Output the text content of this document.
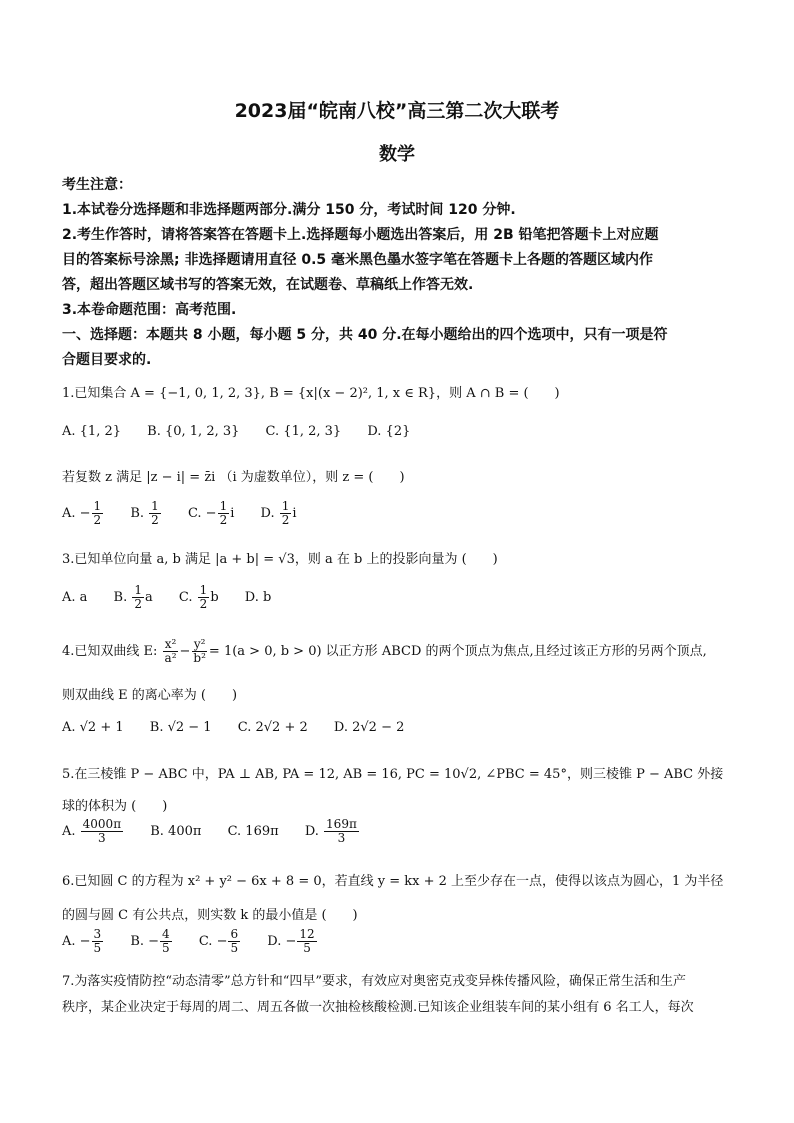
2023届“皖南八校”高三第二次大联考
数学
考生注意：
1.本试卷分选择题和非选择题两部分.满分 150 分，考试时间 120 分钟.
2.考生作答时，请将答案答在答题卡上.选择题每小题选出答案后，用 2B 铅笔把答题卡上对应题
目的答案标号涂黑; 非选择题请用直径 0.5 毫米黑色墨水签字笔在答题卡上各题的答题区域内作
答，超出答题区域书写的答案无效，在试题卷、草稿纸上作答无效.
3.本卷命题范围：高考范围.
一、选择题：本题共 8 小题，每小题 5 分，共 40 分.在每小题给出的四个选项中，只有一项是符
合题目要求的.
1.已知集合 A = {−1, 0, 1, 2, 3}, B = {x|(x − 2)², 1, x ∈ R}，则 A ∩ B = (　　)
A. {1, 2} B. {0, 1, 2, 3} C. {1, 2, 3} D. {2}
若复数 z 满足 |z − i| = z̄i （i 为虚数单位），则 z = (　　)
A. − $\frac{1}{2} B$. $\frac{1}{2} C$. − $\frac{1}{2}$ i D. $\frac{1}{2}$ i
3.已知单位向量 a, b 满足 |a + b| = √3，则 a 在 b 上的投影向量为 (　　)
A. a B. $\frac{1}{2}$ a C. $\frac{1}{2}$ b D. b
4.已知双曲线 E: $\frac{\text{x²}}{\text{a²}} - \frac{\text{y²}}{\text{b²}} = 1(a > 0$, b > 0) 以正方形 ABCD 的两个顶点为焦点,且经过该正方形的另两个顶点,
则双曲线 E 的离心率为 (　　)
A. √2 + 1 B. √2 − 1 C. 2√2 + 2 D. 2√2 − 2
5.在三棱锥 P − ABC 中，PA ⊥ AB, PA = 12, AB = 16, PC = 10√2, ∠PBC = 45°，则三棱锥 P − ABC 外接
球的体积为 (　　)
A. $\frac{4000\pi}{3} B$. 400π C. 169π D. $\frac{169\pi}{3}$
6.已知圆 C 的方程为 x² + y² − 6x + 8 = 0，若直线 y = kx + 2 上至少存在一点，使得以该点为圆心，1 为半径
的圆与圆 C 有公共点，则实数 k 的最小值是 (　　)
A. − $\frac{3}{5} B$. − $\frac{4}{5} C$. − $\frac{6}{5} D$. − $\frac{12}{5}$
7.为落实疫情防控“动态清零”总方针和“四早”要求，有效应对奥密克戎变异株传播风险，确保正常生活和生产
秩序，某企业决定于每周的周二、周五各做一次抽检核酸检测.已知该企业组装车间的某小组有 6 名工人，每次
